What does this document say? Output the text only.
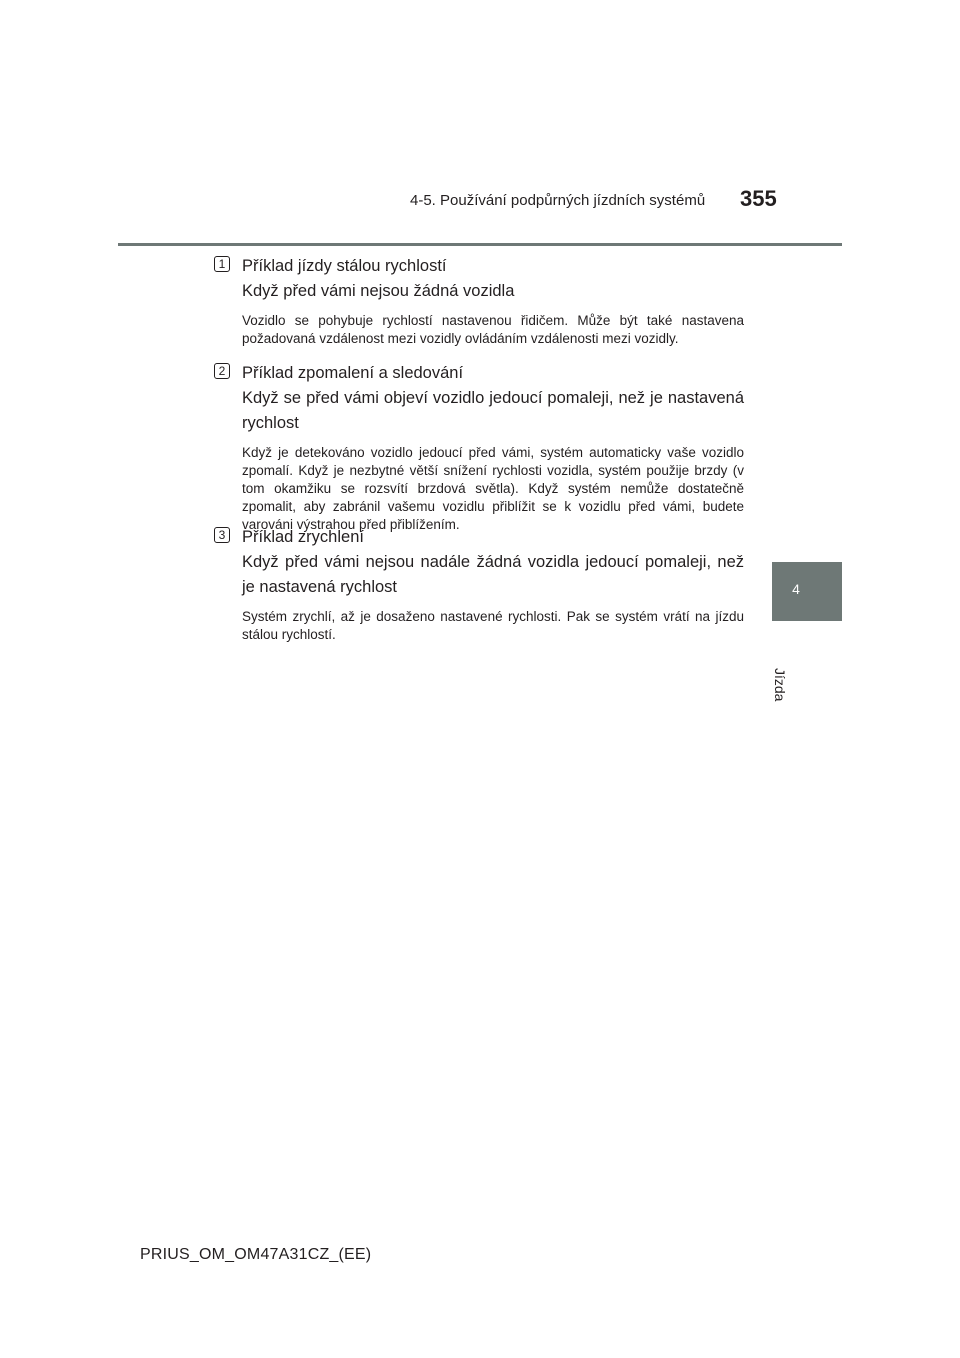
4-5. Používání podpůrných jízdních systémů 355
4
Jízda
1 Příklad jízdy stálou rychlostí
Když před vámi nejsou žádná vozidla

Vozidlo se pohybuje rychlostí nastavenou řidičem. Může být také nastavena požadovaná vzdálenost mezi vozidly ovládáním vzdálenosti mezi vozidly.

2 Příklad zpomalení a sledování
Když se před vámi objeví vozidlo jedoucí pomaleji, než je nastavená rychlost

Když je detekováno vozidlo jedoucí před vámi, systém automaticky vaše vozidlo zpomalí. Když je nezbytné větší snížení rychlosti vozidla, systém použije brzdy (v tom okamžiku se rozsvítí brzdová světla). Když systém nemůže dostatečně zpomalit, aby zabránil vašemu vozidlu přiblížit se k vozidlu před vámi, budete varováni výstrahou před přiblížením.

3 Příklad zrychlení
Když před vámi nejsou nadále žádná vozidla jedoucí pomaleji, než je nastavená rychlost

Systém zrychlí, až je dosaženo nastavené rychlosti. Pak se systém vrátí na jízdu stálou rychlostí.

PRIUS_OM_OM47A31CZ_(EE)
